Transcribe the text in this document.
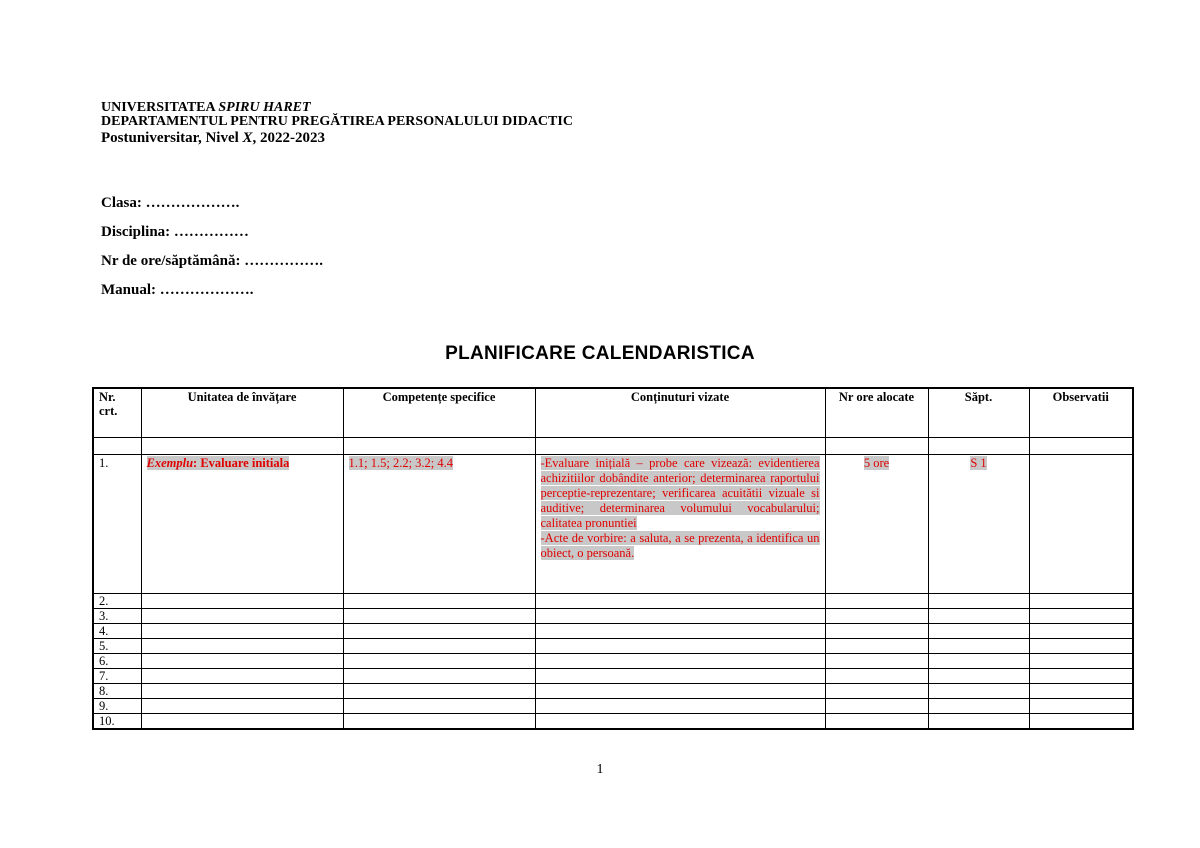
UNIVERSITATEA SPIRU HARET
DEPARTAMENTUL PENTRU PREGĂTIREA PERSONALULUI DIDACTIC
Postuniversitar, Nivel X, 2022-2023
Clasa: ……………….
Disciplina: ……………
Nr de ore/săptămână: …………….
Manual: ……………….
PLANIFICARE CALENDARISTICA
Nr. crt.	Unitatea de învățare	Competențe specifice	Conținuturi vizate	Nr ore alocate	Săpt.	Observatii

1.	Exemplu: Evaluare initiala	1.1; 1.5; 2.2; 3.2; 4.4	-Evaluare inițială – probe care vizează: evidentierea achizitiilor dobândite anterior; determinarea raportului perceptie-reprezentare; verificarea acuitătii vizuale si auditive; determinarea volumului vocabularului; calitatea pronuntiei
-Acte de vorbire: a saluta, a se prezenta, a identifica un obiect, o persoană.	5 ore	S 1	
2.						
3.						
4.						
5.						
6.						
7.						
8.						
9.						
10.						
1
